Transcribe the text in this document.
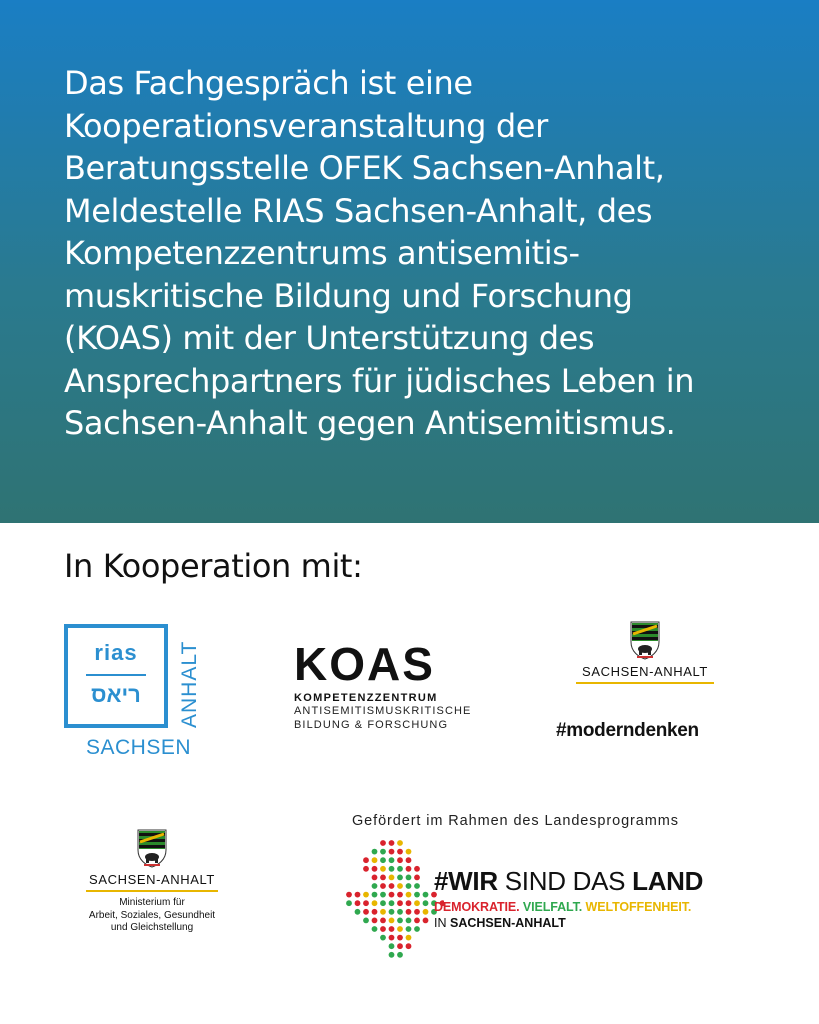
Das Fachgespräch ist eine
Kooperationsveranstaltung der
Beratungsstelle OFEK Sachsen-Anhalt,
Meldestelle RIAS Sachsen-Anhalt, des
Kompetenzzentrums antisemitis-
muskritische Bildung und Forschung
(KOAS) mit der Unterstützung des
Ansprechpartners für jüdisches Leben in
Sachsen-Anhalt gegen Antisemitismus.

In Kooperation mit:
rias
ריאס	ANHALT
SACHSEN
KOAS
KOMPETENZZENTRUM
ANTISEMITISMUSKRITISCHE
BILDUNG & FORSCHUNG
SACHSEN-ANHALT
#moderndenken
SACHSEN-ANHALT
Ministerium für
Arbeit, Soziales, Gesundheit
und Gleichstellung
Gefördert im Rahmen des Landesprogramms
#WIR SIND DAS LAND
DEMOKRATIE. VIELFALT. WELTOFFENHEIT.
IN SACHSEN-ANHALT
